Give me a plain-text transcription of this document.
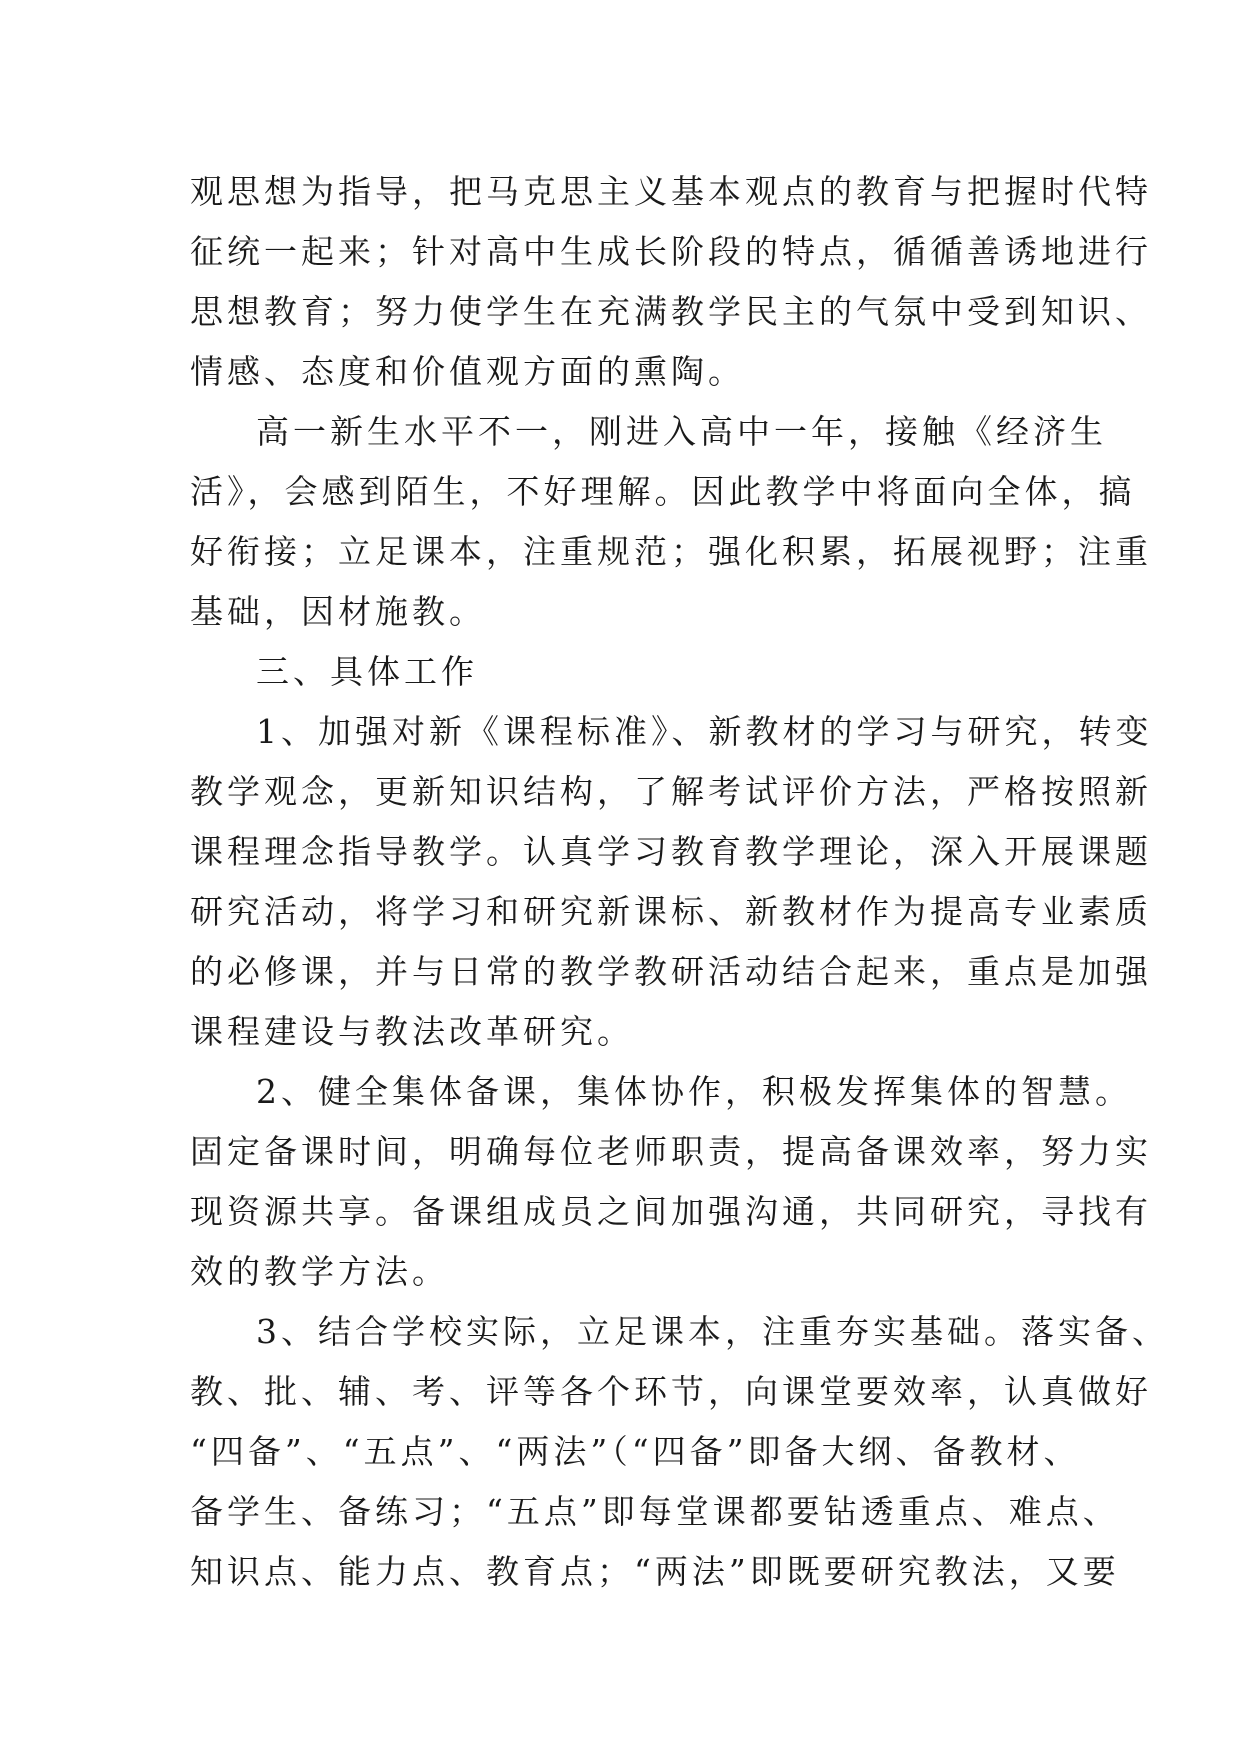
观思想为指导，把马克思主义基本观点的教育与把握时代特
征统一起来；针对高中生成长阶段的特点，循循善诱地进行
思想教育；努力使学生在充满教学民主的气氛中受到知识、
情感、态度和价值观方面的熏陶。
高一新生水平不一，刚进入高中一年，接触《经济生
活》，会感到陌生，不好理解。因此教学中将面向全体，搞
好衔接；立足课本，注重规范；强化积累，拓展视野；注重
基础，因材施教。
三、具体工作
1、加强对新《课程标准》、新教材的学习与研究，转变
教学观念，更新知识结构，了解考试评价方法，严格按照新
课程理念指导教学。认真学习教育教学理论，深入开展课题
研究活动，将学习和研究新课标、新教材作为提高专业素质
的必修课，并与日常的教学教研活动结合起来，重点是加强
课程建设与教法改革研究。
2、健全集体备课，集体协作，积极发挥集体的智慧。
固定备课时间，明确每位老师职责，提高备课效率，努力实
现资源共享。备课组成员之间加强沟通，共同研究，寻找有
效的教学方法。
3、结合学校实际，立足课本，注重夯实基础。落实备、
教、批、辅、考、评等各个环节，向课堂要效率，认真做好
“四备”、“五点”、“两法”（“四备”即备大纲、备教材、
备学生、备练习；“五点”即每堂课都要钻透重点、难点、
知识点、能力点、教育点；“两法”即既要研究教法，又要
